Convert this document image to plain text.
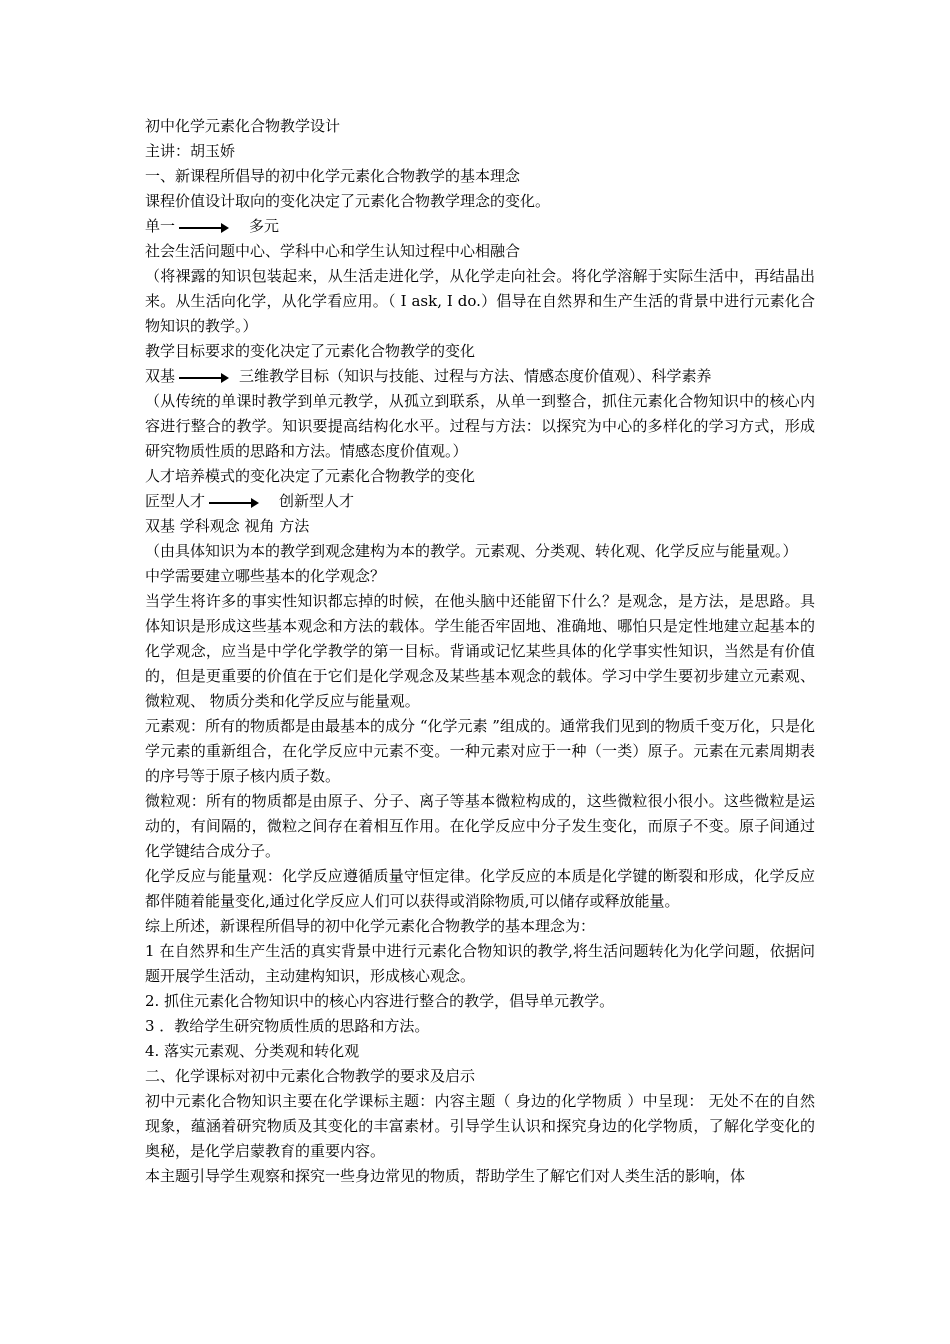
初中化学元素化合物教学设计
主讲：胡玉娇
一、新课程所倡导的初中化学元素化合物教学的基本理念
课程价值设计取向的变化决定了元素化合物教学理念的变化。
单一	多元
社会生活问题中心、学科中心和学生认知过程中心相融合
（将裸露的知识包装起来，从生活走进化学，从化学走向社会。将化学溶解于实际生活中，再结晶出来。从生活向化学，从化学看应用。（ I ask, I do.）倡导在自然界和生产生活的背景中进行元素化合物知识的教学。）
教学目标要求的变化决定了元素化合物教学的变化
双基	三维教学目标（知识与技能、过程与方法、情感态度价值观）、科学素养
（从传统的单课时教学到单元教学，从孤立到联系，从单一到整合，抓住元素化合物知识中的核心内容进行整合的教学。知识要提高结构化水平。过程与方法：以探究为中心的多样化的学习方式，形成研究物质性质的思路和方法。情感态度价值观。）
人才培养模式的变化决定了元素化合物教学的变化
匠型人才	创新型人才
双基 学科观念 视角 方法
（由具体知识为本的教学到观念建构为本的教学。元素观、分类观、转化观、化学反应与能量观。）
中学需要建立哪些基本的化学观念？
当学生将许多的事实性知识都忘掉的时候，在他头脑中还能留下什么？是观念，是方法，是思路。具体知识是形成这些基本观念和方法的载体。学生能否牢固地、准确地、哪怕只是定性地建立起基本的化学观念，应当是中学化学教学的第一目标。背诵或记忆某些具体的化学事实性知识，当然是有价值的，但是更重要的价值在于它们是化学观念及某些基本观念的载体。学习中学生要初步建立元素观、微粒观、 物质分类和化学反应与能量观。
元素观：所有的物质都是由最基本的成分 “化学元素 ”组成的。通常我们见到的物质千变万化，只是化学元素的重新组合，在化学反应中元素不变。一种元素对应于一种（一类）原子。元素在元素周期表的序号等于原子核内质子数。
微粒观：所有的物质都是由原子、分子、离子等基本微粒构成的，这些微粒很小很小。这些微粒是运动的，有间隔的，微粒之间存在着相互作用。在化学反应中分子发生变化，而原子不变。原子间通过化学键结合成分子。
化学反应与能量观：化学反应遵循质量守恒定律。化学反应的本质是化学键的断裂和形成，化学反应都伴随着能量变化,通过化学反应人们可以获得或消除物质,可以储存或释放能量。
综上所述，新课程所倡导的初中化学元素化合物教学的基本理念为：
1 在自然界和生产生活的真实背景中进行元素化合物知识的教学,将生活问题转化为化学问题，依据问题开展学生活动，主动建构知识，形成核心观念。
2. 抓住元素化合物知识中的核心内容进行整合的教学，倡导单元教学。
3 ．教给学生研究物质性质的思路和方法。
4. 落实元素观、分类观和转化观
二、化学课标对初中元素化合物教学的要求及启示
初中元素化合物知识主要在化学课标主题：内容主题（ 身边的化学物质 ）中呈现： 无处不在的自然现象，蕴涵着研究物质及其变化的丰富素材。引导学生认识和探究身边的化学物质，了解化学变化的奥秘，是化学启蒙教育的重要内容。
本主题引导学生观察和探究一些身边常见的物质，帮助学生了解它们对人类生活的影响，体
